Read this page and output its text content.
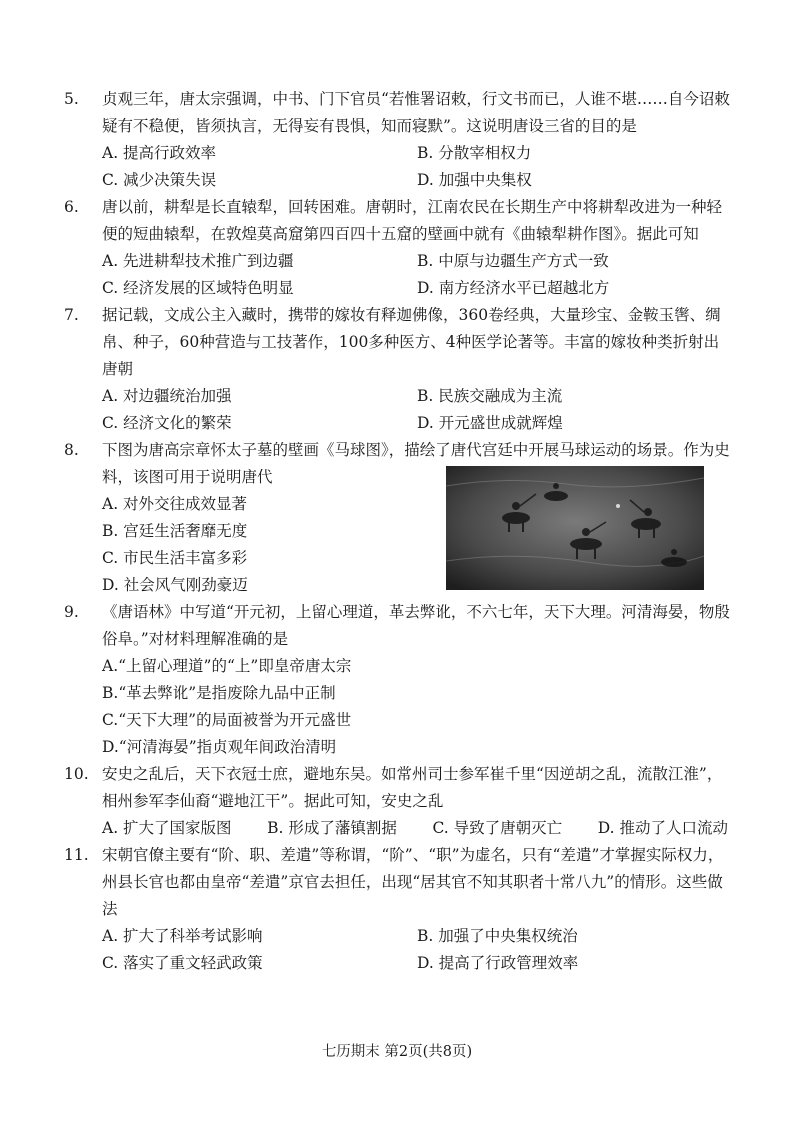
5. 贞观三年，唐太宗强调，中书、门下官员“若惟署诏敕，行文书而已，人谁不堪……自今诏敕疑有不稳便，皆须执言，无得妄有畏惧，知而寝默”。这说明唐设三省的目的是
A. 提高行政效率	B. 分散宰相权力
C. 减少决策失误	D. 加强中央集权
6. 唐以前，耕犁是长直辕犁，回转困难。唐朝时，江南农民在长期生产中将耕犁改进为一种轻便的短曲辕犁，在敦煌莫高窟第四百四十五窟的壁画中就有《曲辕犁耕作图》。据此可知
A. 先进耕犁技术推广到边疆	B. 中原与边疆生产方式一致
C. 经济发展的区域特色明显	D. 南方经济水平已超越北方
7. 据记载，文成公主入藏时，携带的嫁妆有释迦佛像，360卷经典，大量珍宝、金鞍玉辔、绸帛、种子，60种营造与工技著作，100多种医方、4种医学论著等。丰富的嫁妆种类折射出唐朝
A. 对边疆统治加强	B. 民族交融成为主流
C. 经济文化的繁荣	D. 开元盛世成就辉煌
8. 下图为唐高宗章怀太子墓的壁画《马球图》，描绘了唐代宫廷中开展马球运动的场景。作为史料，该图可用于说明唐代
A. 对外交往成效显著
B. 宫廷生活奢靡无度
C. 市民生活丰富多彩
D. 社会风气刚劲豪迈
9. 《唐语林》中写道“开元初，上留心理道，革去弊讹，不六七年，天下大理。河清海晏，物殷俗阜。”对材料理解准确的是
A.“上留心理道”的“上”即皇帝唐太宗
B.“革去弊讹”是指废除九品中正制
C.“天下大理”的局面被誉为开元盛世
D.“河清海晏”指贞观年间政治清明
10. 安史之乱后，天下衣冠士庶，避地东吴。如常州司士参军崔千里“因逆胡之乱，流散江淮”，相州参军李仙裔“避地江干”。据此可知，安史之乱
A. 扩大了国家版图 B. 形成了藩镇割据 C. 导致了唐朝灭亡 D. 推动了人口流动
11. 宋朝官僚主要有“阶、职、差遣”等称谓，“阶”、“职”为虚名，只有“差遣”才掌握实际权力，州县长官也都由皇帝“差遣”京官去担任，出现“居其官不知其职者十常八九”的情形。这些做法
A. 扩大了科举考试影响	B. 加强了中央集权统治
C. 落实了重文轻武政策	D. 提高了行政管理效率
七历期末 第2页(共8页)
